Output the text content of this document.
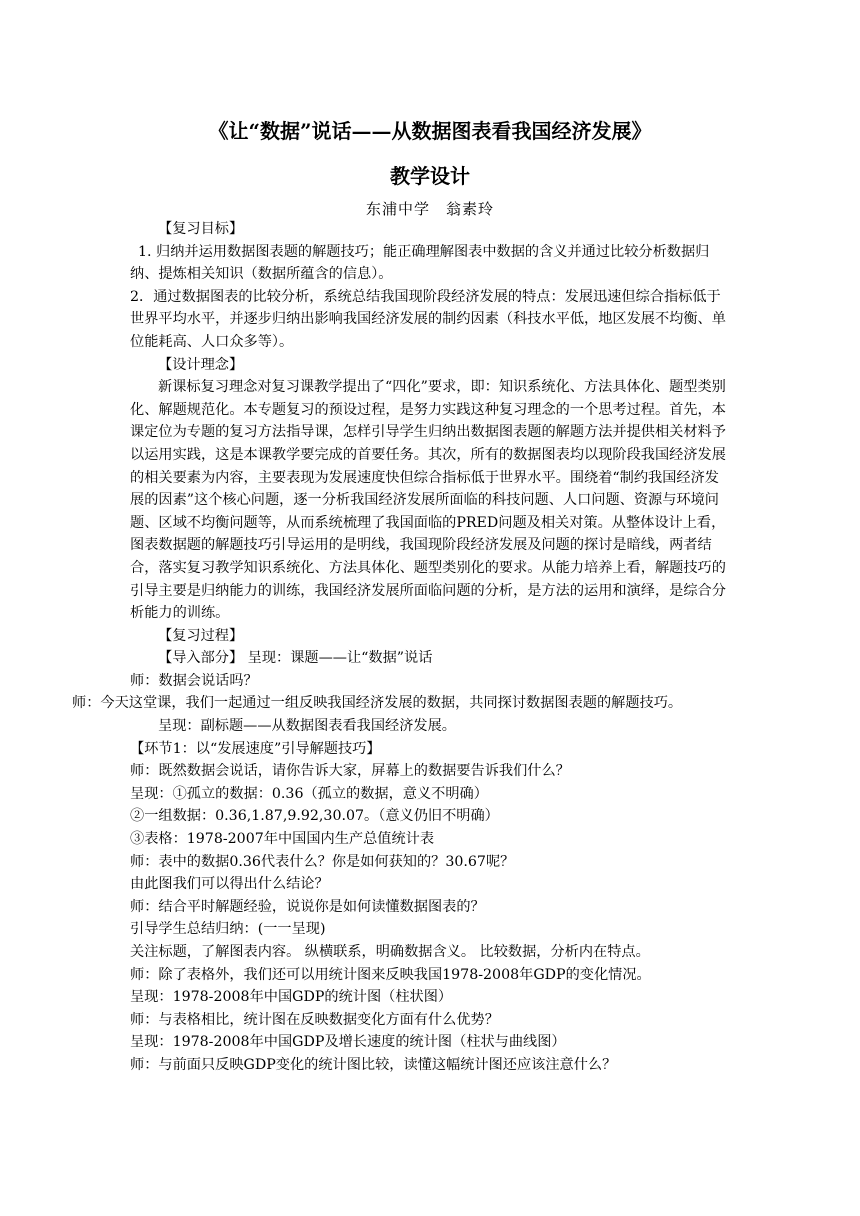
《让“数据”说话——从数据图表看我国经济发展》
教学设计
东浦中学　翁素玲

【复习目标】

1. 归纳并运用数据图表题的解题技巧；能正确理解图表中数据的含义并通过比较分析数据归纳、提炼相关知识（数据所蕴含的信息）。

2．通过数据图表的比较分析，系统总结我国现阶段经济发展的特点：发展迅速但综合指标低于世界平均水平，并逐步归纳出影响我国经济发展的制约因素（科技水平低，地区发展不均衡、单位能耗高、人口众多等）。

【设计理念】

新课标复习理念对复习课教学提出了“四化”要求，即：知识系统化、方法具体化、题型类别化、解题规范化。本专题复习的预设过程，是努力实践这种复习理念的一个思考过程。首先，本课定位为专题的复习方法指导课，怎样引导学生归纳出数据图表题的解题方法并提供相关材料予以运用实践，这是本课教学要完成的首要任务。其次，所有的数据图表均以现阶段我国经济发展的相关要素为内容，主要表现为发展速度快但综合指标低于世界水平。围绕着“制约我国经济发展的因素”这个核心问题，逐一分析我国经济发展所面临的科技问题、人口问题、资源与环境问题、区域不均衡问题等，从而系统梳理了我国面临的PRED问题及相关对策。从整体设计上看，图表数据题的解题技巧引导运用的是明线，我国现阶段经济发展及问题的探讨是暗线，两者结合，落实复习教学知识系统化、方法具体化、题型类别化的要求。从能力培养上看，解题技巧的引导主要是归纳能力的训练，我国经济发展所面临问题的分析，是方法的运用和演绎，是综合分析能力的训练。

【复习过程】

【导入部分】 呈现：课题——让“数据”说话

师：数据会说话吗？

师：今天这堂课，我们一起通过一组反映我国经济发展的数据，共同探讨数据图表题的解题技巧。

呈现：副标题——从数据图表看我国经济发展。

【环节1：以“发展速度”引导解题技巧】

师：既然数据会说话，请你告诉大家，屏幕上的数据要告诉我们什么？

呈现：①孤立的数据：0.36（孤立的数据，意义不明确）

②一组数据：0.36,1.87,9.92,30.07。（意义仍旧不明确）

③表格：1978-2007年中国国内生产总值统计表

师：表中的数据0.36代表什么？你是如何获知的？30.67呢？

由此图我们可以得出什么结论？

师：结合平时解题经验，说说你是如何读懂数据图表的？

引导学生总结归纳：(一一呈现)

关注标题，了解图表内容。 纵横联系，明确数据含义。 比较数据，分析内在特点。

师：除了表格外，我们还可以用统计图来反映我国1978-2008年GDP的变化情况。

呈现：1978-2008年中国GDP的统计图（柱状图）

师：与表格相比，统计图在反映数据变化方面有什么优势？

呈现：1978-2008年中国GDP及增长速度的统计图（柱状与曲线图）

师：与前面只反映GDP变化的统计图比较，读懂这幅统计图还应该注意什么？
